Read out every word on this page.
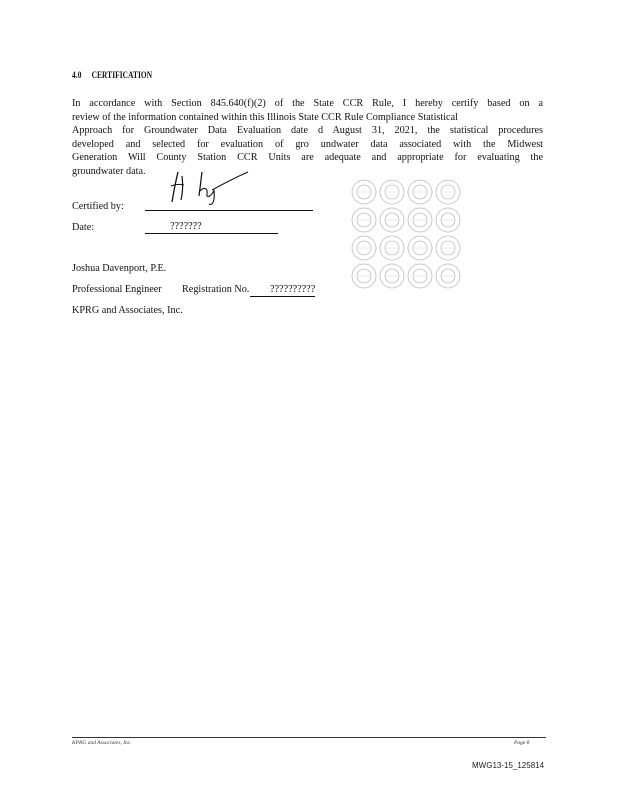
4.0 CERTIFICATION
In accordance with Section 845.640(f)(2) of the State CCR Rule, I hereby certify based on a
review of the information contained within this Illinois State CCR Rule Compliance Statistical
Approach for Groundwater Data Evaluation date d August 31, 2021, the statistical procedures
developed and selected for evaluation of gro undwater data associated with the Midwest
Generation Will County Station CCR Units are adequate and appropriate for evaluating the
groundwater data.
Certified by:
Date:	???????
Joshua Davenport, P.E.
Professional Engineer Registration No.	??????????
KPRG and Associates, Inc.
KPRG and Associates, Inc.	Page 8
MWG13-15_125814
